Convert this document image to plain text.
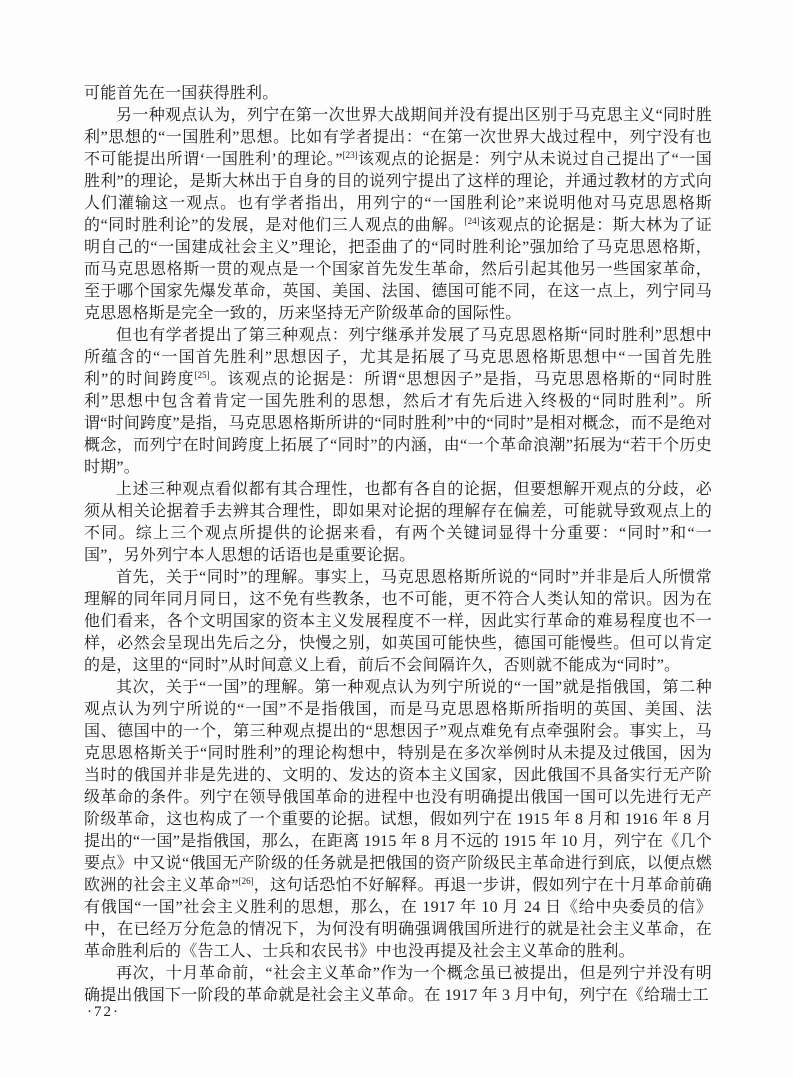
可能首先在一国获得胜利。

另一种观点认为，列宁在第一次世界大战期间并没有提出区别于马克思主义“同时胜利”思想的“一国胜利”思想。比如有学者提出：“在第一次世界大战过程中，列宁没有也不可能提出所谓‘一国胜利’的理论。”[23]该观点的论据是：列宁从未说过自己提出了“一国胜利”的理论，是斯大林出于自身的目的说列宁提出了这样的理论，并通过教材的方式向人们灌输这一观点。也有学者指出，用列宁的“一国胜利论”来说明他对马克思恩格斯的“同时胜利论”的发展，是对他们三人观点的曲解。[24]该观点的论据是：斯大林为了证明自己的“一国建成社会主义”理论，把歪曲了的“同时胜利论”强加给了马克思恩格斯，而马克思恩格斯一贯的观点是一个国家首先发生革命，然后引起其他另一些国家革命，至于哪个国家先爆发革命，英国、美国、法国、德国可能不同，在这一点上，列宁同马克思恩格斯是完全一致的，历来坚持无产阶级革命的国际性。

但也有学者提出了第三种观点：列宁继承并发展了马克思恩格斯“同时胜利”思想中所蕴含的“一国首先胜利”思想因子，尤其是拓展了马克思恩格斯思想中“一国首先胜利”的时间跨度[25]。该观点的论据是：所谓“思想因子”是指，马克思恩格斯的“同时胜利”思想中包含着肯定一国先胜利的思想，然后才有先后进入终极的“同时胜利”。所谓“时间跨度”是指，马克思恩格斯所讲的“同时胜利”中的“同时”是相对概念，而不是绝对概念，而列宁在时间跨度上拓展了“同时”的内涵，由“一个革命浪潮”拓展为“若干个历史时期”。

上述三种观点看似都有其合理性，也都有各自的论据，但要想解开观点的分歧，必须从相关论据着手去辨其合理性，即如果对论据的理解存在偏差，可能就导致观点上的不同。综上三个观点所提供的论据来看，有两个关键词显得十分重要：“同时”和“一国”，另外列宁本人思想的话语也是重要论据。

首先，关于“同时”的理解。事实上，马克思恩格斯所说的“同时”并非是后人所惯常理解的同年同月同日，这不免有些教条，也不可能，更不符合人类认知的常识。因为在他们看来，各个文明国家的资本主义发展程度不一样，因此实行革命的难易程度也不一样，必然会呈现出先后之分，快慢之别，如英国可能快些，德国可能慢些。但可以肯定的是，这里的“同时”从时间意义上看，前后不会间隔许久，否则就不能成为“同时”。

其次，关于“一国”的理解。第一种观点认为列宁所说的“一国”就是指俄国，第二种观点认为列宁所说的“一国”不是指俄国，而是马克思恩格斯所指明的英国、美国、法国、德国中的一个，第三种观点提出的“思想因子”观点难免有点牵强附会。事实上，马克思恩格斯关于“同时胜利”的理论构想中，特别是在多次举例时从未提及过俄国，因为当时的俄国并非是先进的、文明的、发达的资本主义国家，因此俄国不具备实行无产阶级革命的条件。列宁在领导俄国革命的进程中也没有明确提出俄国一国可以先进行无产阶级革命，这也构成了一个重要的论据。试想，假如列宁在 1915 年 8 月和 1916 年 8 月提出的“一国”是指俄国，那么，在距离 1915 年 8 月不远的 1915 年 10 月，列宁在《几个要点》中又说“俄国无产阶级的任务就是把俄国的资产阶级民主革命进行到底，以便点燃欧洲的社会主义革命”[26]，这句话恐怕不好解释。再退一步讲，假如列宁在十月革命前确有俄国“一国”社会主义胜利的思想，那么，在 1917 年 10 月 24 日《给中央委员的信》中，在已经万分危急的情况下，为何没有明确强调俄国所进行的就是社会主义革命，在革命胜利后的《告工人、士兵和农民书》中也没再提及社会主义革命的胜利。

再次，十月革命前，“社会主义革命”作为一个概念虽已被提出，但是列宁并没有明确提出俄国下一阶段的革命就是社会主义革命。在 1917 年 3 月中旬，列宁在《给瑞士工

·72·
